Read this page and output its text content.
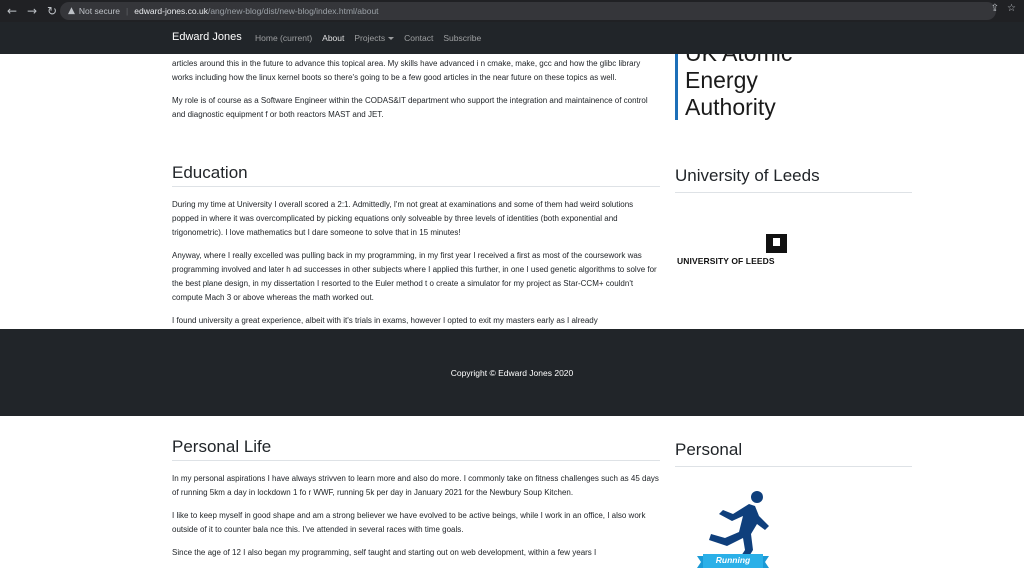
← → ↻	▲ Not secure | edward-jones.co.uk /ang/new-blog/dist/new-blog/index.html/about	⇪ ☆

articles around this in the future to advance this topical area. My skills have advanced i n cmake, make, gcc and how the glibc library works including how the linux kernel boots so there's going to be a few good articles in the near future on these topics as well.

My role is of course as a Software Engineer within the CODAS&IT department who support the integration and maintainence of control and diagnostic equipment f or both reactors MAST and JET.

Energy
Authority
Education

During my time at University I overall scored a 2:1. Admittedly, I'm not great at examinations and some of them had weird solutions popped in where it was overcomplicated by picking equations only solveable by three levels of identities (both exponential and trigonometric). I love mathematics but I dare someone to solve that in 15 minutes!

Anyway, where I really excelled was pulling back in my programming, in my first year I received a first as most of the coursework was programming involved and later h ad successes in other subjects where I applied this further, in one I used genetic algorithms to solve for the best plane design, in my dissertation I resorted to the Euler method t o create a simulator for my project as Star-CCM+ couldn't compute Mach 3 or above whereas the math worked out.

I found university a great experience, albeit with it's trials in exams, however I opted to exit my masters early as I already

University of Leeds
UNIVERSITY OF LEEDS
Edward Jones Home (current) About Projects	Contact Subscribe
Copyright © Edward Jones 2020
Personal Life

In my personal aspirations I have always strivven to learn more and also do more. I commonly take on fitness challenges such as 45 days of running 5km a day in lockdown 1 fo r WWF, running 5k per day in January 2021 for the Newbury Soup Kitchen.

I like to keep myself in good shape and am a strong believer we have evolved to be active beings, while I work in an office, I also work outside of it to counter bala nce this. I've attended in several races with time goals.

Since the age of 12 I also began my programming, self taught and starting out on web development, within a few years I

Personal
Running
